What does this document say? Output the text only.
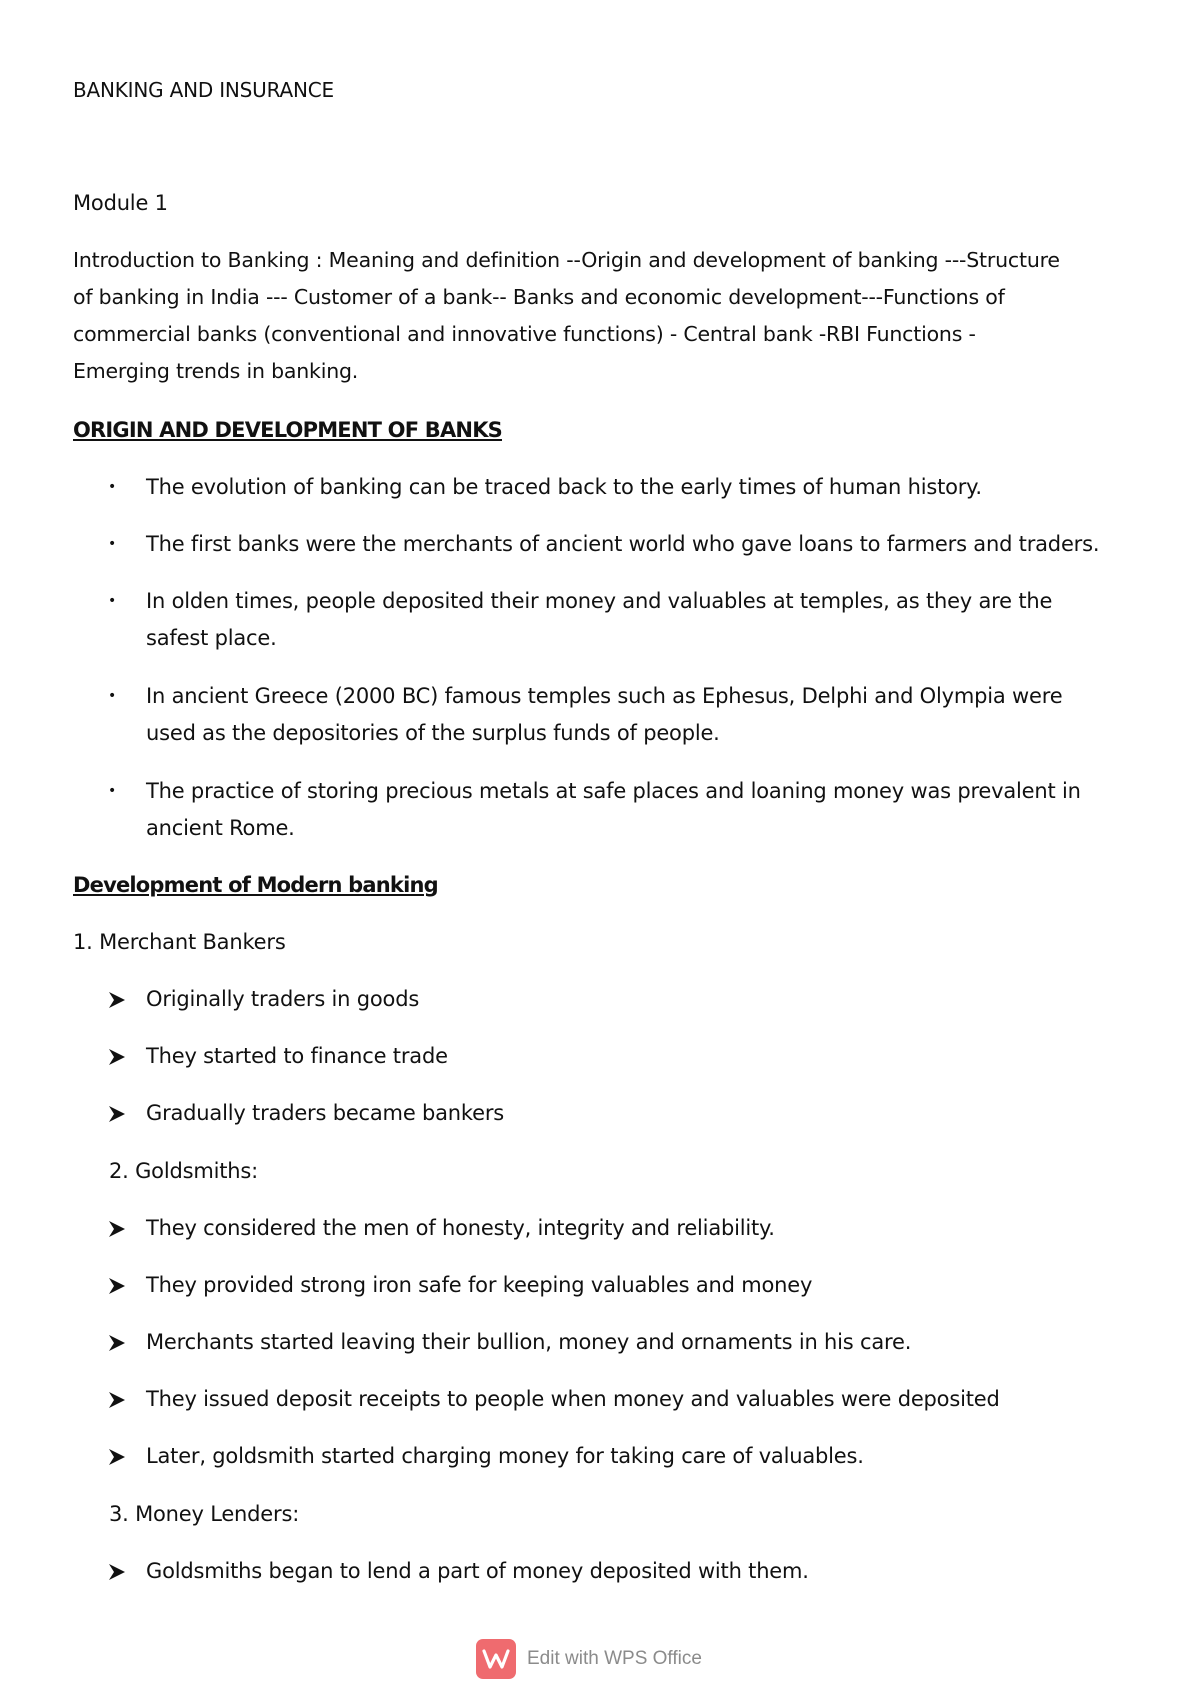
BANKING AND INSURANCE
Module 1
Introduction to Banking : Meaning and definition --Origin and development of banking ---Structure
of banking in India --- Customer of a bank-- Banks and economic development---Functions of
commercial banks (conventional and innovative functions) - Central bank -RBI Functions -
Emerging trends in banking.
ORIGIN AND DEVELOPMENT OF BANKS
• The evolution of banking can be traced back to the early times of human history.
• The first banks were the merchants of ancient world who gave loans to farmers and traders.
• In olden times, people deposited their money and valuables at temples, as they are the
safest place.
• In ancient Greece (2000 BC) famous temples such as Ephesus, Delphi and Olympia were
used as the depositories of the surplus funds of people.
• The practice of storing precious metals at safe places and loaning money was prevalent in
ancient Rome.
Development of Modern banking
1. Merchant Bankers
Originally traders in goods
They started to finance trade
Gradually traders became bankers
2. Goldsmiths:
They considered the men of honesty, integrity and reliability.
They provided strong iron safe for keeping valuables and money
Merchants started leaving their bullion, money and ornaments in his care.
They issued deposit receipts to people when money and valuables were deposited
Later, goldsmith started charging money for taking care of valuables.
3. Money Lenders:
Goldsmiths began to lend a part of money deposited with them.
Edit with WPS Office
